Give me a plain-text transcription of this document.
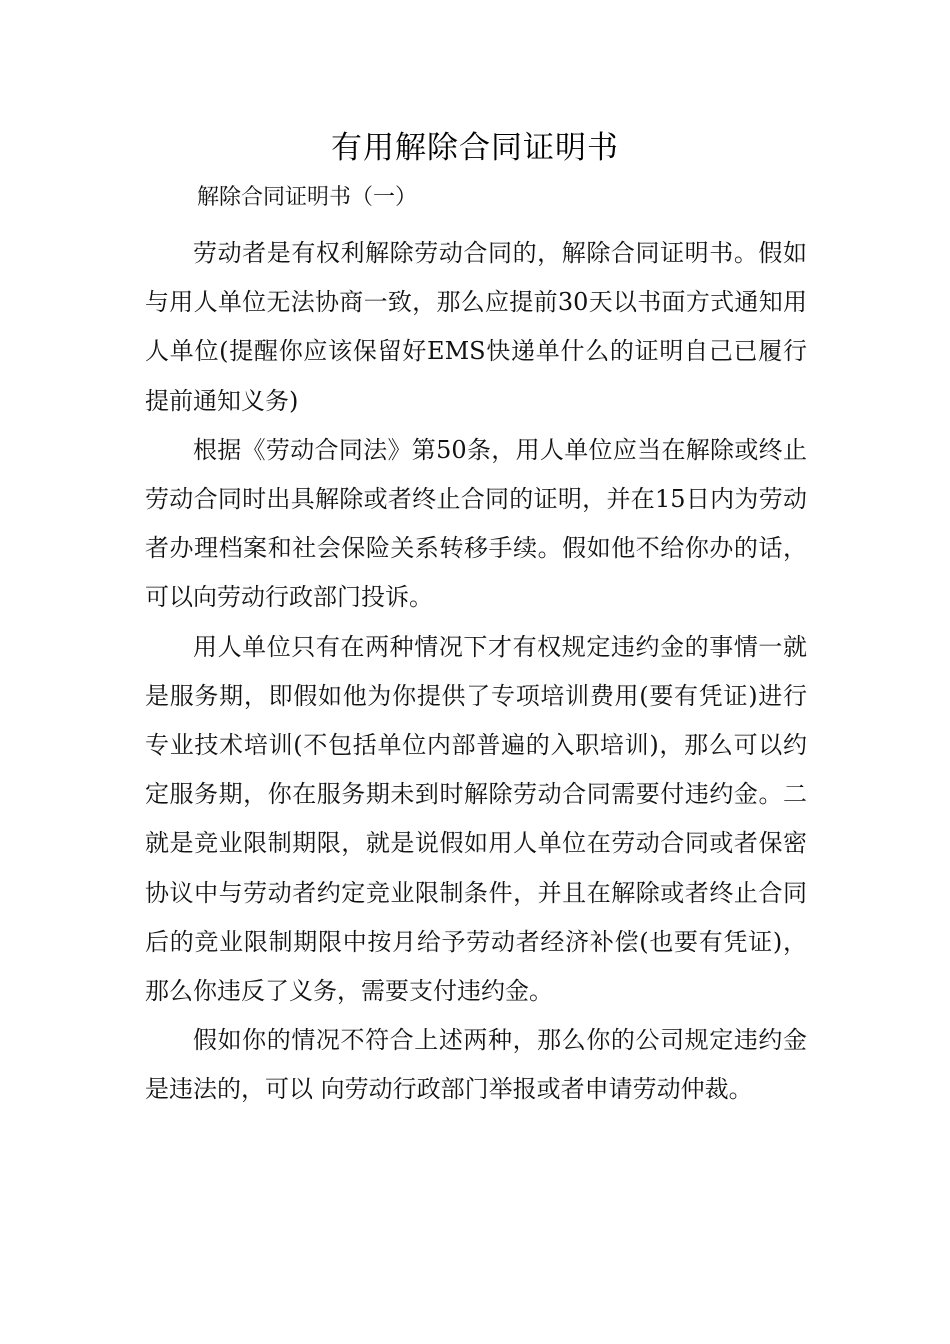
有用解除合同证明书

解除合同证明书（一）

劳动者是有权利解除劳动合同的，解除合同证明书。假如与用人单位无法协商一致，那么应提前30天以书面方式通知用人单位(提醒你应该保留好EMS快递单什么的证明自己已履行提前通知义务)

根据《劳动合同法》第50条，用人单位应当在解除或终止劳动合同时出具解除或者终止合同的证明，并在15日内为劳动者办理档案和社会保险关系转移手续。假如他不给你办的话，可以向劳动行政部门投诉。

用人单位只有在两种情况下才有权规定违约金的事情一就是服务期，即假如他为你提供了专项培训费用(要有凭证)进行专业技术培训(不包括单位内部普遍的入职培训)，那么可以约定服务期，你在服务期未到时解除劳动合同需要付违约金。二就是竞业限制期限，就是说假如用人单位在劳动合同或者保密协议中与劳动者约定竞业限制条件，并且在解除或者终止合同后的竞业限制期限中按月给予劳动者经济补偿(也要有凭证)，那么你违反了义务，需要支付违约金。

假如你的情况不符合上述两种，那么你的公司规定违约金是违法的，可以 向劳动行政部门举报或者申请劳动仲裁。
